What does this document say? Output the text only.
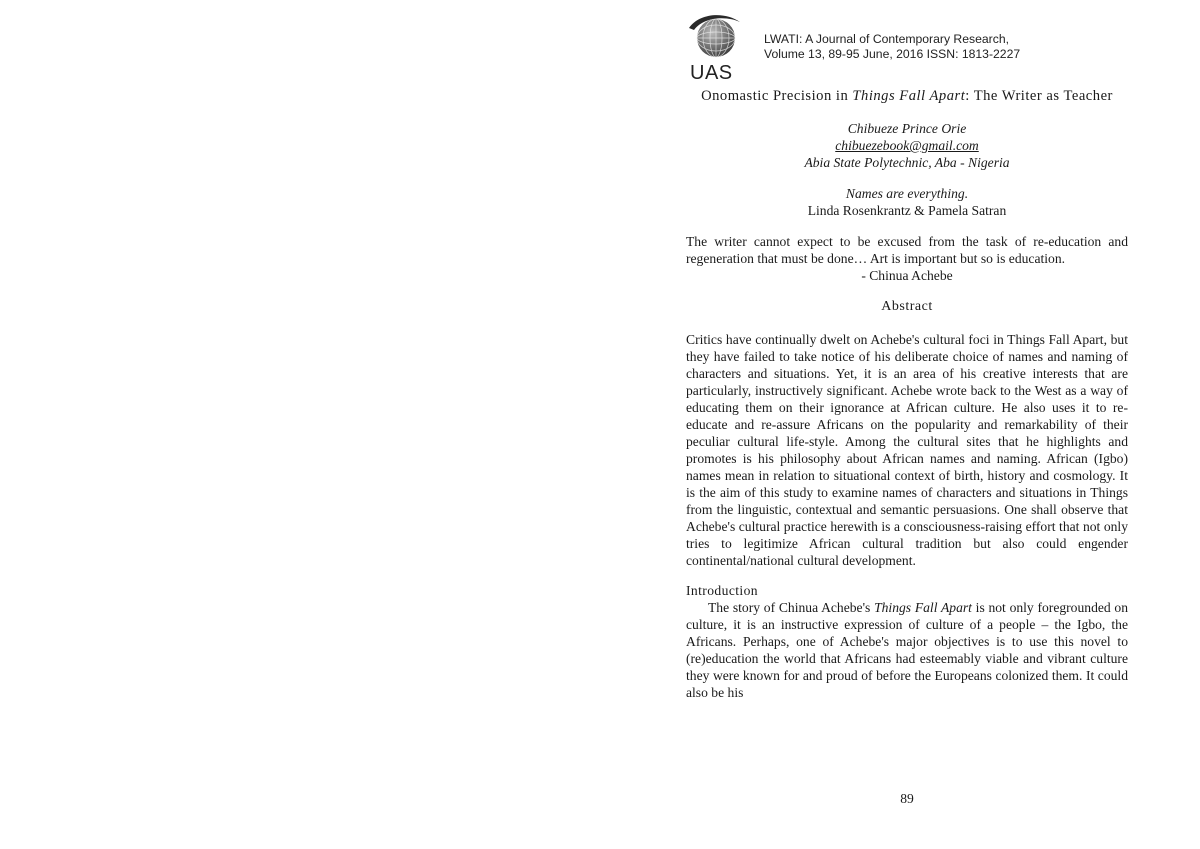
UAS
LWATI: A Journal of Contemporary Research,
Volume 13, 89-95 June, 2016 ISSN: 1813-2227
Onomastic Precision in Things Fall Apart: The Writer as Teacher
Chibueze Prince Orie
chibuezebook@gmail.com
Abia State Polytechnic, Aba - Nigeria
Names are everything.
Linda Rosenkrantz & Pamela Satran
The writer cannot expect to be excused from the task of re-education and regeneration that must be done… Art is important but so is education.
- Chinua Achebe
Abstract
Critics have continually dwelt on Achebe's cultural foci in Things Fall Apart, but they have failed to take notice of his deliberate choice of names and naming of characters and situations. Yet, it is an area of his creative interests that are particularly, instructively significant. Achebe wrote back to the West as a way of educating them on their ignorance at African culture. He also uses it to re-educate and re-assure Africans on the popularity and remarkability of their peculiar cultural life-style. Among the cultural sites that he highlights and promotes is his philosophy about African names and naming. African (Igbo) names mean in relation to situational context of birth, history and cosmology. It is the aim of this study to examine names of characters and situations in Things from the linguistic, contextual and semantic persuasions. One shall observe that Achebe's cultural practice herewith is a consciousness-raising effort that not only tries to legitimize African cultural tradition but also could engender continental/national cultural development.
Introduction
The story of Chinua Achebe's Things Fall Apart is not only foregrounded on culture, it is an instructive expression of culture of a people – the Igbo, the Africans. Perhaps, one of Achebe's major objectives is to use this novel to (re)education the world that Africans had esteemably viable and vibrant culture they were known for and proud of before the Europeans colonized them. It could also be his
89
